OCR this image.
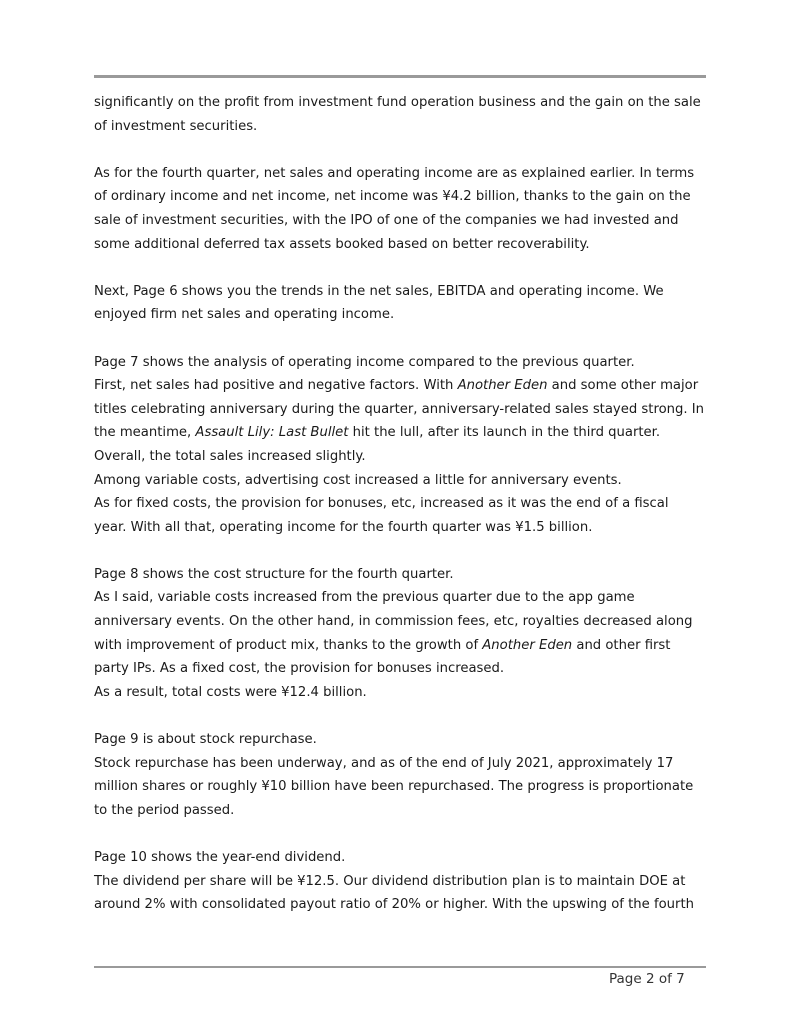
significantly on the profit from investment fund operation business and the gain on the sale
of investment securities.
As for the fourth quarter, net sales and operating income are as explained earlier. In terms
of ordinary income and net income, net income was ¥4.2 billion, thanks to the gain on the
sale of investment securities, with the IPO of one of the companies we had invested and
some additional deferred tax assets booked based on better recoverability.
Next, Page 6 shows you the trends in the net sales, EBITDA and operating income. We
enjoyed firm net sales and operating income.
Page 7 shows the analysis of operating income compared to the previous quarter.
First, net sales had positive and negative factors. With Another Eden and some other major
titles celebrating anniversary during the quarter, anniversary-related sales stayed strong. In
the meantime, Assault Lily: Last Bullet hit the lull, after its launch in the third quarter.
Overall, the total sales increased slightly.
Among variable costs, advertising cost increased a little for anniversary events.
As for fixed costs, the provision for bonuses, etc, increased as it was the end of a fiscal
year. With all that, operating income for the fourth quarter was ¥1.5 billion.
Page 8 shows the cost structure for the fourth quarter.
As I said, variable costs increased from the previous quarter due to the app game
anniversary events. On the other hand, in commission fees, etc, royalties decreased along
with improvement of product mix, thanks to the growth of Another Eden and other first
party IPs. As a fixed cost, the provision for bonuses increased.
As a result, total costs were ¥12.4 billion.
Page 9 is about stock repurchase.
Stock repurchase has been underway, and as of the end of July 2021, approximately 17
million shares or roughly ¥10 billion have been repurchased. The progress is proportionate
to the period passed.
Page 10 shows the year-end dividend.
The dividend per share will be ¥12.5. Our dividend distribution plan is to maintain DOE at
around 2% with consolidated payout ratio of 20% or higher. With the upswing of the fourth
Page 2 of 7
